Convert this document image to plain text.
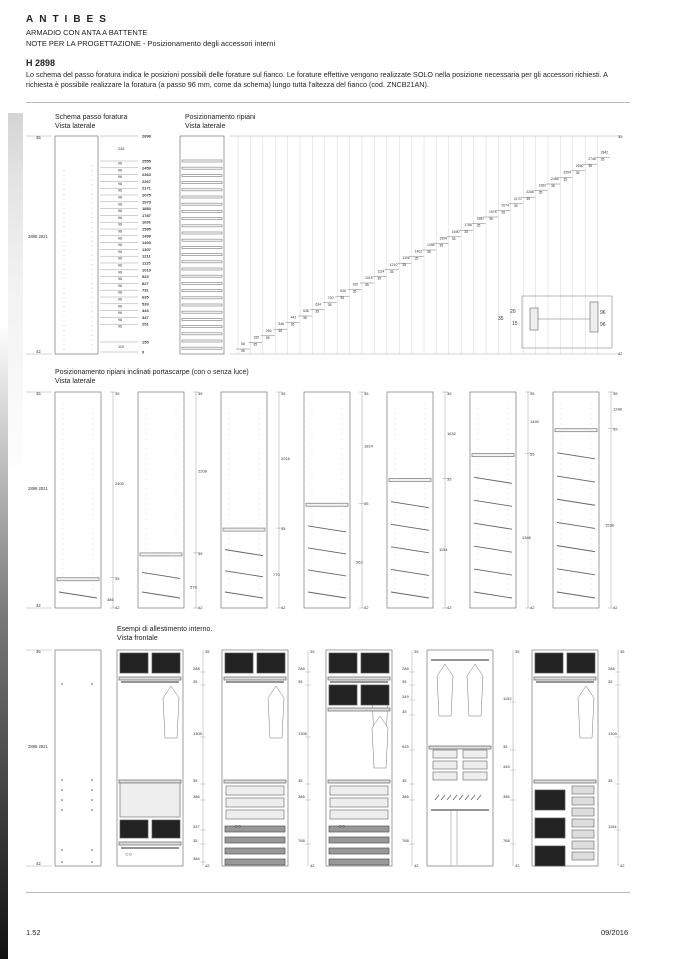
ANTIBES
ARMADIO CON ANTA A BATTENTE
NOTE PER LA PROGETTAZIONE - Posizionamento degli accessori interni
H 2898
Lo schema del passo foratura indica le posizioni possibili delle forature sul fianco. Le forature effettive vengono realizzate SOLO nella posizione necessaria per gli accessori richiesti. A richiesta è possibile realizzare la foratura (a passo 96 mm, come da schema) lungo tutta l'altezza del fianco (cod. ZNCB21AN).
Schema passo foratura
Vista laterale
Posizionamento ripiani
Vista laterale
2898 2821
35
42
2898
2555
96
2459
96
2363
96
2267
96
2171
96
2075
96
1979
96
1883
96
1787
96
1691
96
1595
96
1499
96
1403
96
1307
96
1211
96
1115
96
1019
96
923
96
827
96
731
96
635
96
539
96
443
96
347
96
251
96
155
0
245
110
35
42
58
35
155
35
250
35
346
35
442
35
538
35
634
35
730
35
826
35
922
35
1018
35
1114
35
1210
35
1306
35
1402
35
1498
35
1594
35
1690
35
1786
35
1882
35
1978
35
2074
35
2170
35
2266
35
2362
35
2458
35
2554
35
2650
35
2746
35
2842
35
20
15
35
96
96
Posizionamento ripiani inclinati portascarpe (con o senza luce)
Vista laterale
2898 2821
35
42
35
2400
35
386
42
35
2208
35
578
42
35
2016
35
770
42
35
1824
35
962
42
35
1632
35
1154
42
35
1440
35
1346
42
35
1248
35
1538
42
Esempi di allestimento interno.
Vista frontale
2898 2821
35
42
35
42
288
35
1305
35
386
347
35
384
○○
35
42
288
35
1305
35
386
768
○○
35
42
288
35
349
35
925
35
386
768
○○
35
42
1152
35
445
386
768
35
42
288
35
1305
35
1154
1.52	09/2016
